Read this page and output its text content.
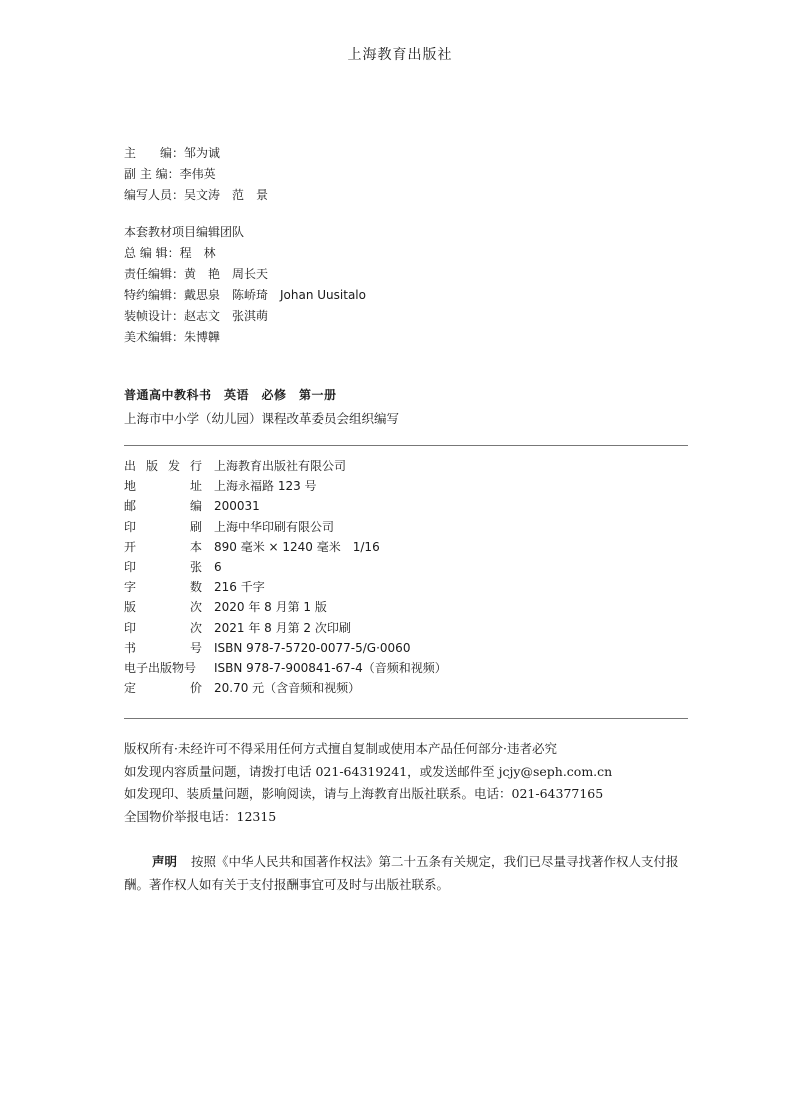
上海教育出版社
主　　编：邹为诚
副 主 编：李伟英
编写人员：吴文涛　范　景
本套教材项目编辑团队
总 编 辑：程　林
责任编辑：黄　艳　周长天
特约编辑：戴思泉　陈峤琦　Johan Uusitalo
装帧设计：赵志文　张淇萌
美术编辑：朱博韡
普通高中教科书　英语　必修　第一册
上海市中小学（幼儿园）课程改革委员会组织编写
出 版 发 行 上海教育出版社有限公司
地	址 上海永福路 123 号
邮	编 200031
印	刷 上海中华印刷有限公司
开	本 890 毫米 × 1240 毫米　1/16
印	张 6
字	数 216 千字
版	次 2020 年 8 月第 1 版
印	次 2021 年 8 月第 2 次印刷
书	号 ISBN 978-7-5720-0077-5/G·0060
电子出版物号 ISBN 978-7-900841-67-4（音频和视频）
定	价 20.70 元（含音频和视频）
版权所有·未经许可不得采用任何方式擅自复制或使用本产品任何部分·违者必究
如发现内容质量问题，请拨打电话 021-64319241，或发送邮件至 jcjy@seph.com.cn
如发现印、装质量问题，影响阅读，请与上海教育出版社联系。电话：021-64377165
全国物价举报电话：12315
声明 按照《中华人民共和国著作权法》第二十五条有关规定，我们已尽量寻找著作权人支付报酬。著作权人如有关于支付报酬事宜可及时与出版社联系。
